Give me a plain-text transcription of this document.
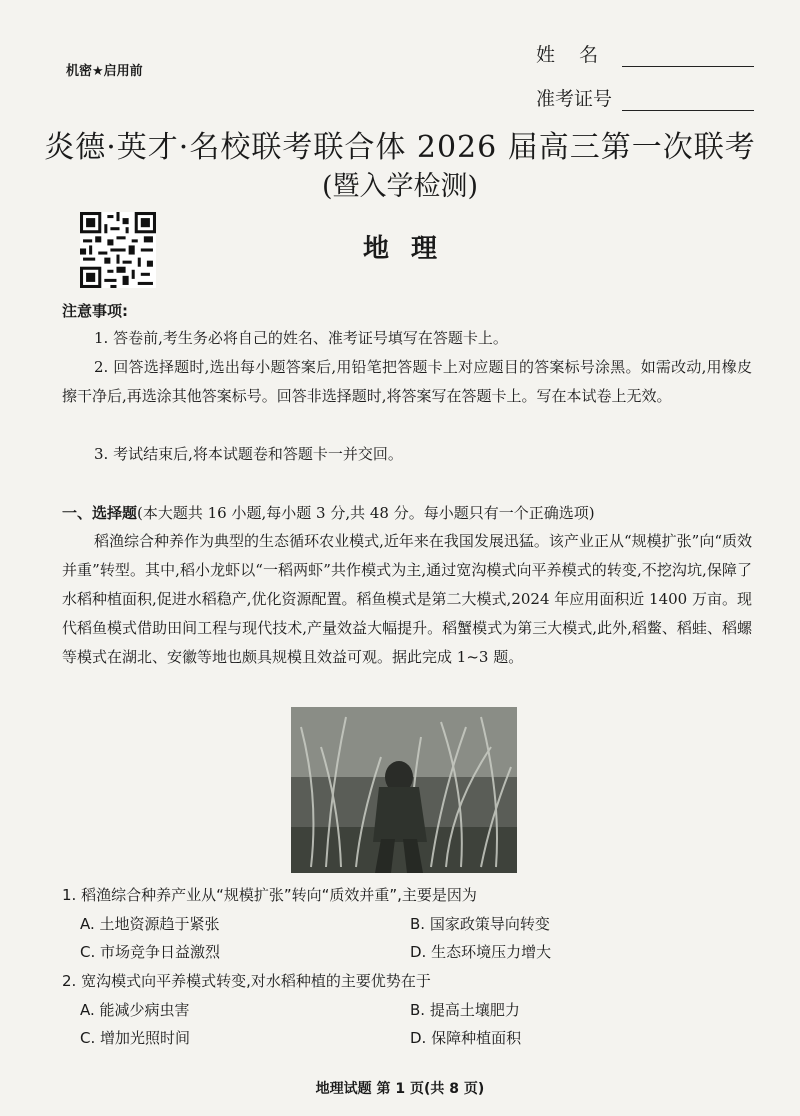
机密★启用前
姓    名
准考证号
炎德·英才·名校联考联合体 2026 届高三第一次联考
(暨入学检测)
地理
注意事项:
1. 答卷前,考生务必将自己的姓名、准考证号填写在答题卡上。
2. 回答选择题时,选出每小题答案后,用铅笔把答题卡上对应题目的答案标号涂黑。如需改动,用橡皮擦干净后,再选涂其他答案标号。回答非选择题时,将答案写在答题卡上。写在本试卷上无效。
3. 考试结束后,将本试题卷和答题卡一并交回。
一、选择题(本大题共 16 小题,每小题 3 分,共 48 分。每小题只有一个正确选项)
稻渔综合种养作为典型的生态循环农业模式,近年来在我国发展迅猛。该产业正从“规模扩张”向“质效并重”转型。其中,稻小龙虾以“一稻两虾”共作模式为主,通过宽沟模式向平养模式的转变,不挖沟坑,保障了水稻种植面积,促进水稻稳产,优化资源配置。稻鱼模式是第二大模式,2024 年应用面积近 1400 万亩。现代稻鱼模式借助田间工程与现代技术,产量效益大幅提升。稻蟹模式为第三大模式,此外,稻鳖、稻蛙、稻螺等模式在湖北、安徽等地也颇具规模且效益可观。据此完成 1~3 题。
1. 稻渔综合种养产业从“规模扩张”转向“质效并重”,主要是因为
A. 土地资源趋于紧张	B. 国家政策导向转变
C. 市场竞争日益激烈	D. 生态环境压力增大
2. 宽沟模式向平养模式转变,对水稻种植的主要优势在于
A. 能减少病虫害	B. 提高土壤肥力
C. 增加光照时间	D. 保障种植面积
地理试题 第 1 页(共 8 页)
